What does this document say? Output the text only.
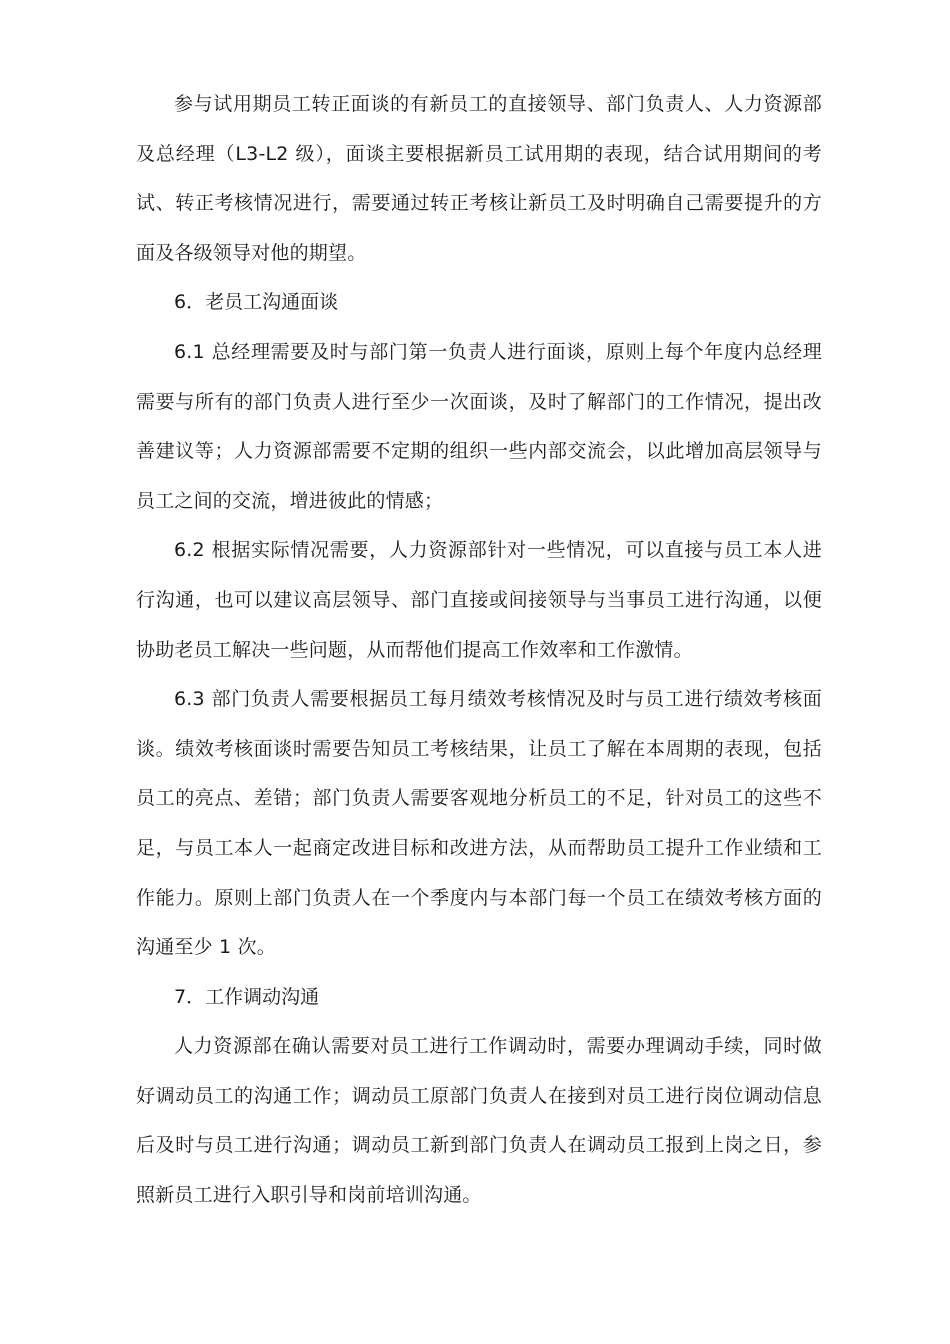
参与试用期员工转正面谈的有新员工的直接领导、部门负责人、人力资源部及总经理（L3-L2 级），面谈主要根据新员工试用期的表现，结合试用期间的考试、转正考核情况进行，需要通过转正考核让新员工及时明确自己需要提升的方面及各级领导对他的期望。

6．老员工沟通面谈

6.1 总经理需要及时与部门第一负责人进行面谈，原则上每个年度内总经理需要与所有的部门负责人进行至少一次面谈，及时了解部门的工作情况，提出改善建议等；人力资源部需要不定期的组织一些内部交流会，以此增加高层领导与员工之间的交流，增进彼此的情感；

6.2 根据实际情况需要，人力资源部针对一些情况，可以直接与员工本人进行沟通，也可以建议高层领导、部门直接或间接领导与当事员工进行沟通，以便协助老员工解决一些问题，从而帮他们提高工作效率和工作激情。

6.3 部门负责人需要根据员工每月绩效考核情况及时与员工进行绩效考核面谈。绩效考核面谈时需要告知员工考核结果，让员工了解在本周期的表现，包括员工的亮点、差错；部门负责人需要客观地分析员工的不足，针对员工的这些不足，与员工本人一起商定改进目标和改进方法，从而帮助员工提升工作业绩和工作能力。原则上部门负责人在一个季度内与本部门每一个员工在绩效考核方面的沟通至少 1 次。

7．工作调动沟通

人力资源部在确认需要对员工进行工作调动时，需要办理调动手续，同时做好调动员工的沟通工作；调动员工原部门负责人在接到对员工进行岗位调动信息后及时与员工进行沟通；调动员工新到部门负责人在调动员工报到上岗之日，参照新员工进行入职引导和岗前培训沟通。
